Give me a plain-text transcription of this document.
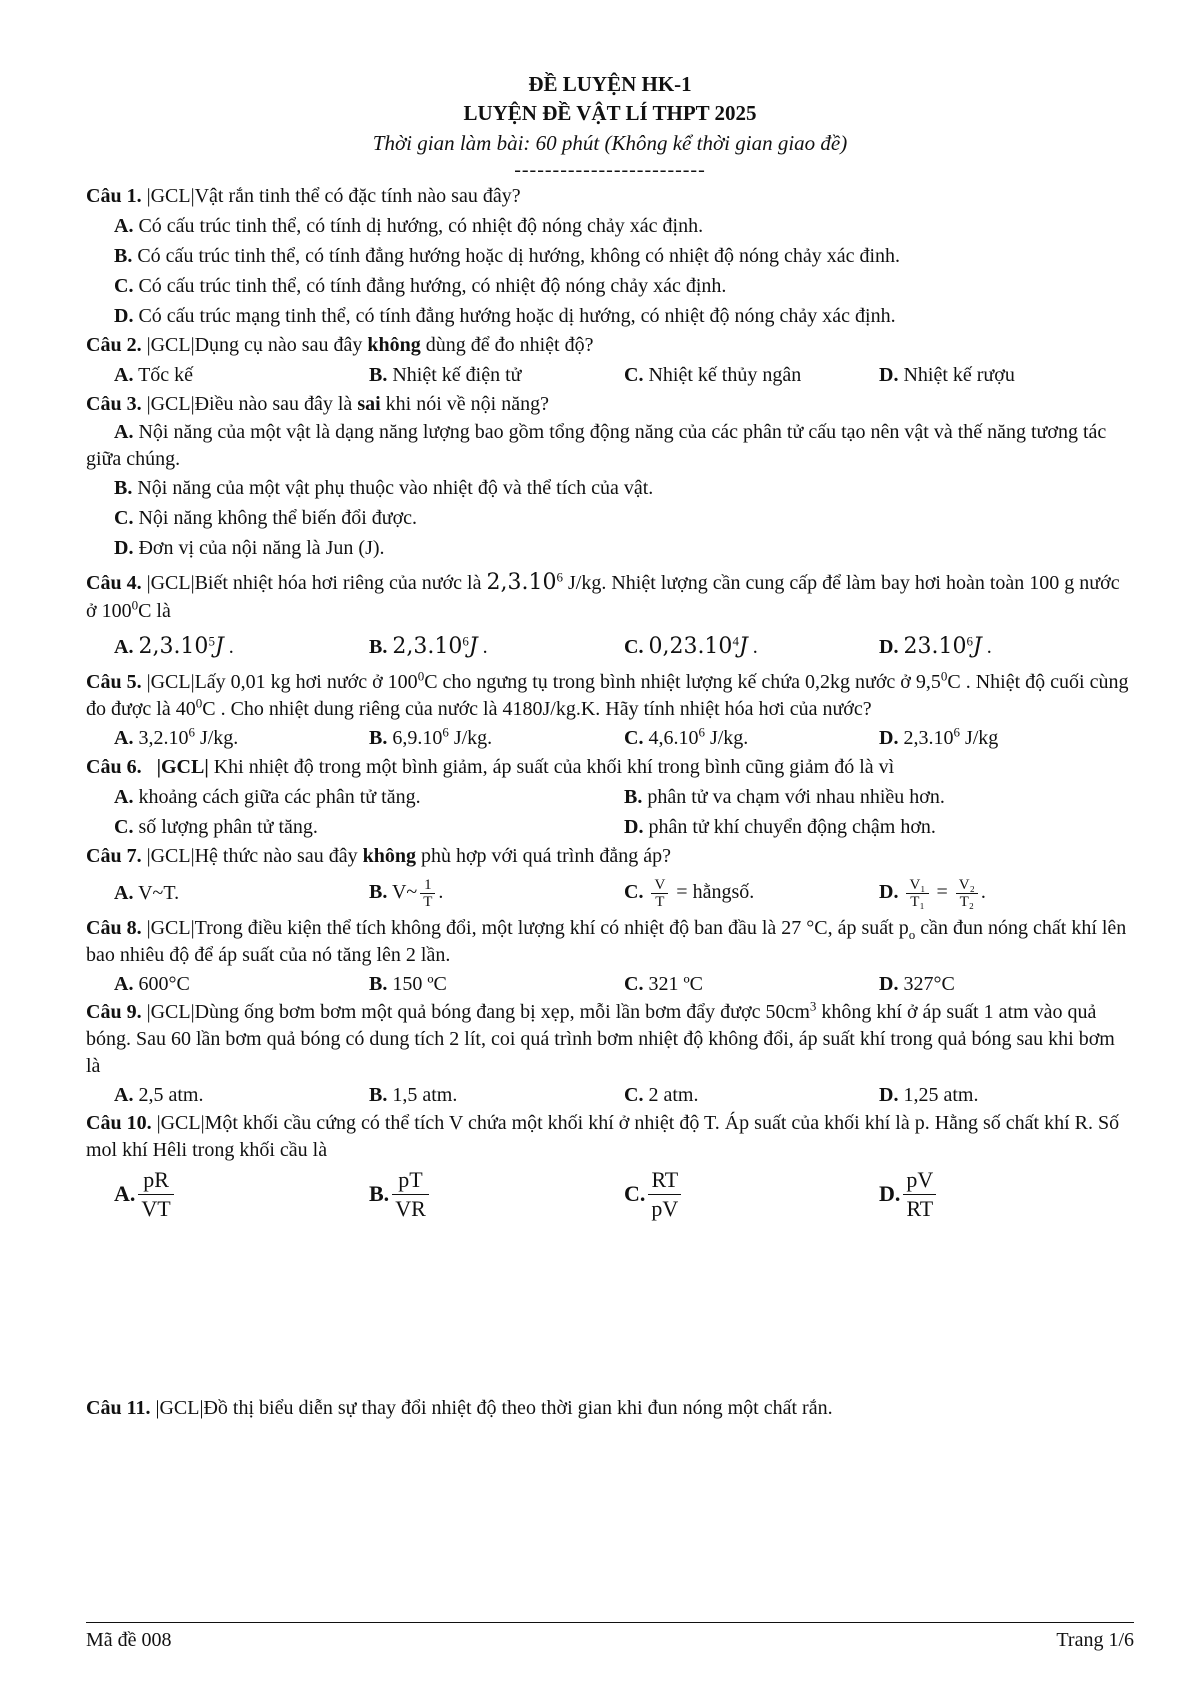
ĐỀ LUYỆN HK-1
LUYỆN ĐỀ VẬT LÍ THPT 2025
Thời gian làm bài: 60 phút (Không kể thời gian giao đề)
-------------------------

Câu 1. |GCL|Vật rắn tinh thể có đặc tính nào sau đây?

A. Có cấu trúc tinh thể, có tính dị hướng, có nhiệt độ nóng chảy xác định.

B. Có cấu trúc tinh thể, có tính đẳng hướng hoặc dị hướng, không có nhiệt độ nóng chảy xác đinh.

C. Có cấu trúc tinh thể, có tính đẳng hướng, có nhiệt độ nóng chảy xác định.

D. Có cấu trúc mạng tinh thể, có tính đẳng hướng hoặc dị hướng, có nhiệt độ nóng chảy xác định.

Câu 2. |GCL|Dụng cụ nào sau đây không dùng để đo nhiệt độ?

A. Tốc kế	B. Nhiệt kế điện tử	C. Nhiệt kế thủy ngân	D. Nhiệt kế rượu

Câu 3. |GCL|Điều nào sau đây là sai khi nói về nội năng?

A. Nội năng của một vật là dạng năng lượng bao gồm tổng động năng của các phân tử cấu tạo nên vật và thế năng tương tác giữa chúng.

B. Nội năng của một vật phụ thuộc vào nhiệt độ và thể tích của vật.

C. Nội năng không thể biến đổi được.

D. Đơn vị của nội năng là Jun (J).

Câu 4. |GCL|Biết nhiệt hóa hơi riêng của nước là 2,3.10$^6$ J/kg. Nhiệt lượng cần cung cấp để làm bay hơi hoàn toàn 100 g nước ở $100^0C$ là

A. 2,3.10$^5$J .	B. 2,3.10$^6$J .	C. 0,23.10$^4$J .	D. 23.10$^6$J .

Câu 5. |GCL|Lấy 0,01 kg hơi nước ở $100^0C$ cho ngưng tụ trong bình nhiệt lượng kế chứa 0,2kg nước ở $9,5^0C$ . Nhiệt độ cuối cùng đo được là $40^0C$ . Cho nhiệt dung riêng của nước là 4180J/kg.K. Hãy tính nhiệt hóa hơi của nước?

A. 3,2.10$^6$ J/kg.	B. 6,9.10$^6$ J/kg.	C. 4,6.10$^6$ J/kg.	D. 2,3.10$^6$ J/kg

Câu 6. |GCL| Khi nhiệt độ trong một bình giảm, áp suất của khối khí trong bình cũng giảm đó là vì

A. khoảng cách giữa các phân tử tăng.	B. phân tử va chạm với nhau nhiều hơn.
C. số lượng phân tử tăng.	D. phân tử khí chuyển động chậm hơn.

Câu 7. |GCL|Hệ thức nào sau đây không phù hợp với quá trình đẳng áp?

A. V~T.	B. V~ $\frac{1}{T}$ .	C. $\frac{V}{T}$ = hằngsố.	D. $\frac{\text{V₁}}{\text{T₁}} = \frac{\text{V₂}}{\text{T₂}}$ .

Câu 8. |GCL|Trong điều kiện thể tích không đổi, một lượng khí có nhiệt độ ban đầu là 27 °C, áp suất $p_o$ cần đun nóng chất khí lên bao nhiêu độ để áp suất của nó tăng lên 2 lần.

A. 600°C	B. 150 ºC	C. 321 ºC	D. 327°C

Câu 9. |GCL|Dùng ống bơm bơm một quả bóng đang bị xẹp, mỗi lần bơm đẩy được $50cm^3$ không khí ở áp suất 1 atm vào quả bóng. Sau 60 lần bơm quả bóng có dung tích 2 lít, coi quá trình bơm nhiệt độ không đổi, áp suất khí trong quả bóng sau khi bơm là

A. 2,5 atm.	B. 1,5 atm.	C. 2 atm.	D. 1,25 atm.

Câu 10. |GCL|Một khối cầu cứng có thể tích V chứa một khối khí ở nhiệt độ T. Áp suất của khối khí là p. Hằng số chất khí R. Số mol khí Hêli trong khối cầu là

A. $\frac{pR}{VT}$	B. $\frac{pT}{VR}$	C. $\frac{RT}{pV}$	D. $\frac{pV}{RT}$

Câu 11. |GCL|Đồ thị biểu diễn sự thay đổi nhiệt độ theo thời gian khi đun nóng một chất rắn.

Mã đề 008	Trang 1/6
